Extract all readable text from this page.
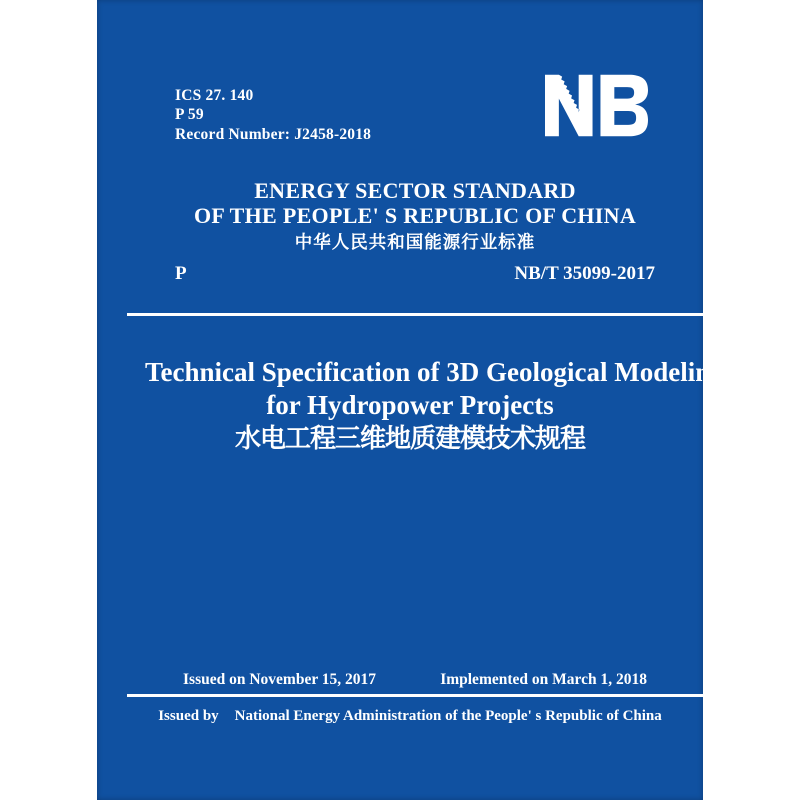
ICS 27. 140
P 59
Record Number: J2458-2018
ENERGY SECTOR STANDARD
OF THE PEOPLE' S REPUBLIC OF CHINA
中华人民共和国能源行业标准
P	NB/T 35099-2017
Technical Specification of 3D Geological Modeling
for Hydropower Projects
水电工程三维地质建模技术规程
Issued on November 15, 2017	Implemented on March 1, 2018
Issued by National Energy Administration of the People' s Republic of China
